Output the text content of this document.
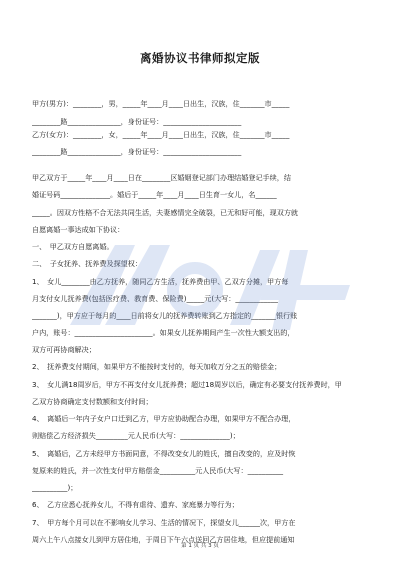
离婚协议书律师拟定版
甲方(男方)：________，男，_____年____月____日出生，汉族，住_______市_____
________路_______________，身份证号：______________________
乙方(女方)：________，女，_____年____月____日出生，汉族，住_______市_____
________路_______________，身份证号：______________________
甲乙双方于_____年____月____日在________区婚姻登记部门办理结婚登记手续，结
婚证号码______________。婚后于_____年____月____日生育一女儿，名______
_____。因双方性格不合无法共同生活，夫妻感情完全破裂，已无和好可能，现双方就
自愿离婚一事达成如下协议：
一、　甲乙双方自愿离婚。
二、　子女抚养、抚养费及探望权：
1、　女儿________由乙方抚养，随同乙方生活，抚养费由甲、乙双方分摊，甲方每
月支付女儿抚养费(包括医疗费、教育费、保险费)_____元(大写：____________
_______)，甲方应于每月的____日前将女儿的抚养费转账到乙方指定的_______银行账
户内，账号：______________________。如果女儿抚养期间产生一次性大额支出的，
双方可再协商解决；
2、　抚养费支付期间，如果甲方不能按时支付的，每天加收万分之五的赔偿金；
3、　女儿满18周岁后，甲方不再支付女儿抚养费；超过18周岁以后，确定有必要支付抚养费时，甲
乙双方协商确定支付数额和支付时间；
4、　离婚后一年内子女户口迁到乙方，甲方应协助配合办理，如果甲方不配合办理，
则赔偿乙方经济损失_________元人民币(大写：______________)；
5、　离婚后，乙方未经甲方书面同意，不得改变女儿的姓氏，擅自改变的，应及时恢
复原来的姓氏，并一次性支付甲方赔偿金__________元人民币(大写：__________
__________)；
6、　乙方应悉心抚养女儿，不得有虐待、遗弃、家庭暴力等行为；
7、　甲方每个月可以在不影响女儿学习、生活的情况下，探望女儿______次，甲方在
周六上午八点接女儿到甲方居住地，于周日下午六点送回乙方居住地，但应提前通知
第 1 页 共 3 页
